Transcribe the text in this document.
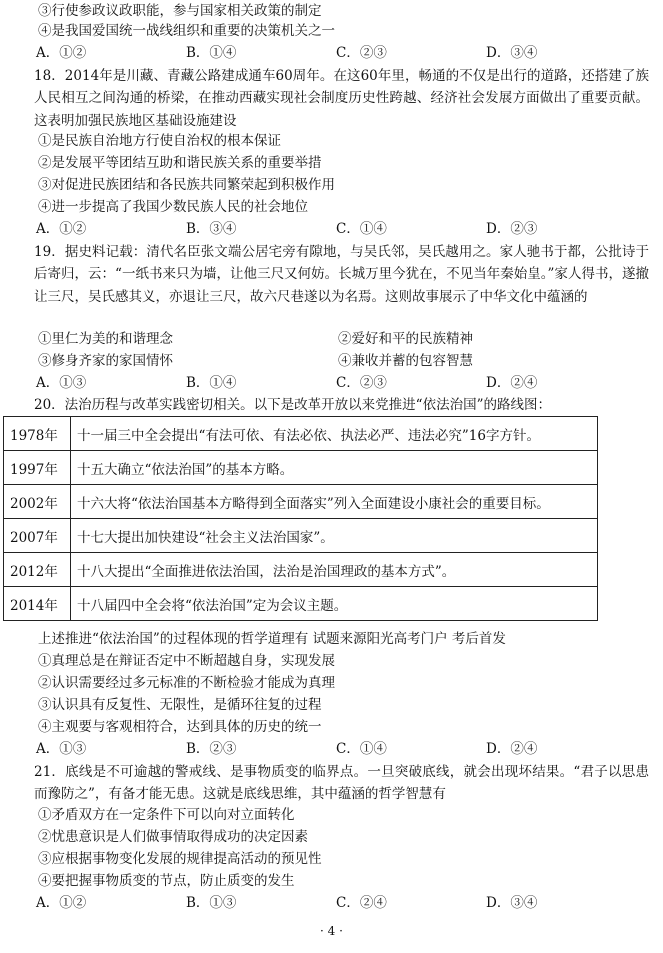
③行使参政议政职能，参与国家相关政策的制定
④是我国爱国统一战线组织和重要的决策机关之一
A．①②	B．①④	C．②③	D．③④
18．2014年是川藏、青藏公路建成通车60周年。在这60年里，畅通的不仅是出行的道路，还搭建了族人民相互之间沟通的桥梁，在推动西藏实现社会制度历史性跨越、经济社会发展方面做出了重要贡献。这表明加强民族地区基础设施建设
①是民族自治地方行使自治权的根本保证
②是发展平等团结互助和谐民族关系的重要举措
③对促进民族团结和各民族共同繁荣起到积极作用
④进一步提高了我国少数民族人民的社会地位
A．①②	B．③④	C．①④	D．②③
19．据史料记载：清代名臣张文端公居宅旁有隙地，与吴氏邻，吴氏越用之。家人驰书于都，公批诗于后寄归，云：“一纸书来只为墙，让他三尺又何妨。长城万里今犹在，不见当年秦始皇。”家人得书，遂撤让三尺，吴氏感其义，亦退让三尺，故六尺巷遂以为名焉。这则故事展示了中华文化中蕴涵的
①里仁为美的和谐理念	②爱好和平的民族精神
③修身齐家的家国情怀	④兼收并蓄的包容智慧
A．①③	B．①④	C．②③	D．②④
20．法治历程与改革实践密切相关。以下是改革开放以来党推进“依法治国”的路线图：
1978年	十一届三中全会提出“有法可依、有法必依、执法必严、违法必究”16字方针。
1997年	十五大确立“依法治国”的基本方略。
2002年	十六大将“依法治国基本方略得到全面落实”列入全面建设小康社会的重要目标。
2007年	十七大提出加快建设“社会主义法治国家”。
2012年	十八大提出“全面推进依法治国，法治是治国理政的基本方式”。
2014年	十八届四中全会将“依法治国”定为会议主题。
上述推进“依法治国”的过程体现的哲学道理有 试题来源阳光高考门户 考后首发
①真理总是在辩证否定中不断超越自身，实现发展
②认识需要经过多元标准的不断检验才能成为真理
③认识具有反复性、无限性，是循环往复的过程
④主观要与客观相符合，达到具体的历史的统一
A．①③	B．②③	C．①④	D．②④
21．底线是不可逾越的警戒线、是事物质变的临界点。一旦突破底线，就会出现坏结果。“君子以思患而豫防之”，有备才能无患。这就是底线思维，其中蕴涵的哲学智慧有
①矛盾双方在一定条件下可以向对立面转化
②忧患意识是人们做事情取得成功的决定因素
③应根据事物变化发展的规律提高活动的预见性
④要把握事物质变的节点，防止质变的发生
A．①②	B．①③	C．②④	D．③④
· 4 ·
